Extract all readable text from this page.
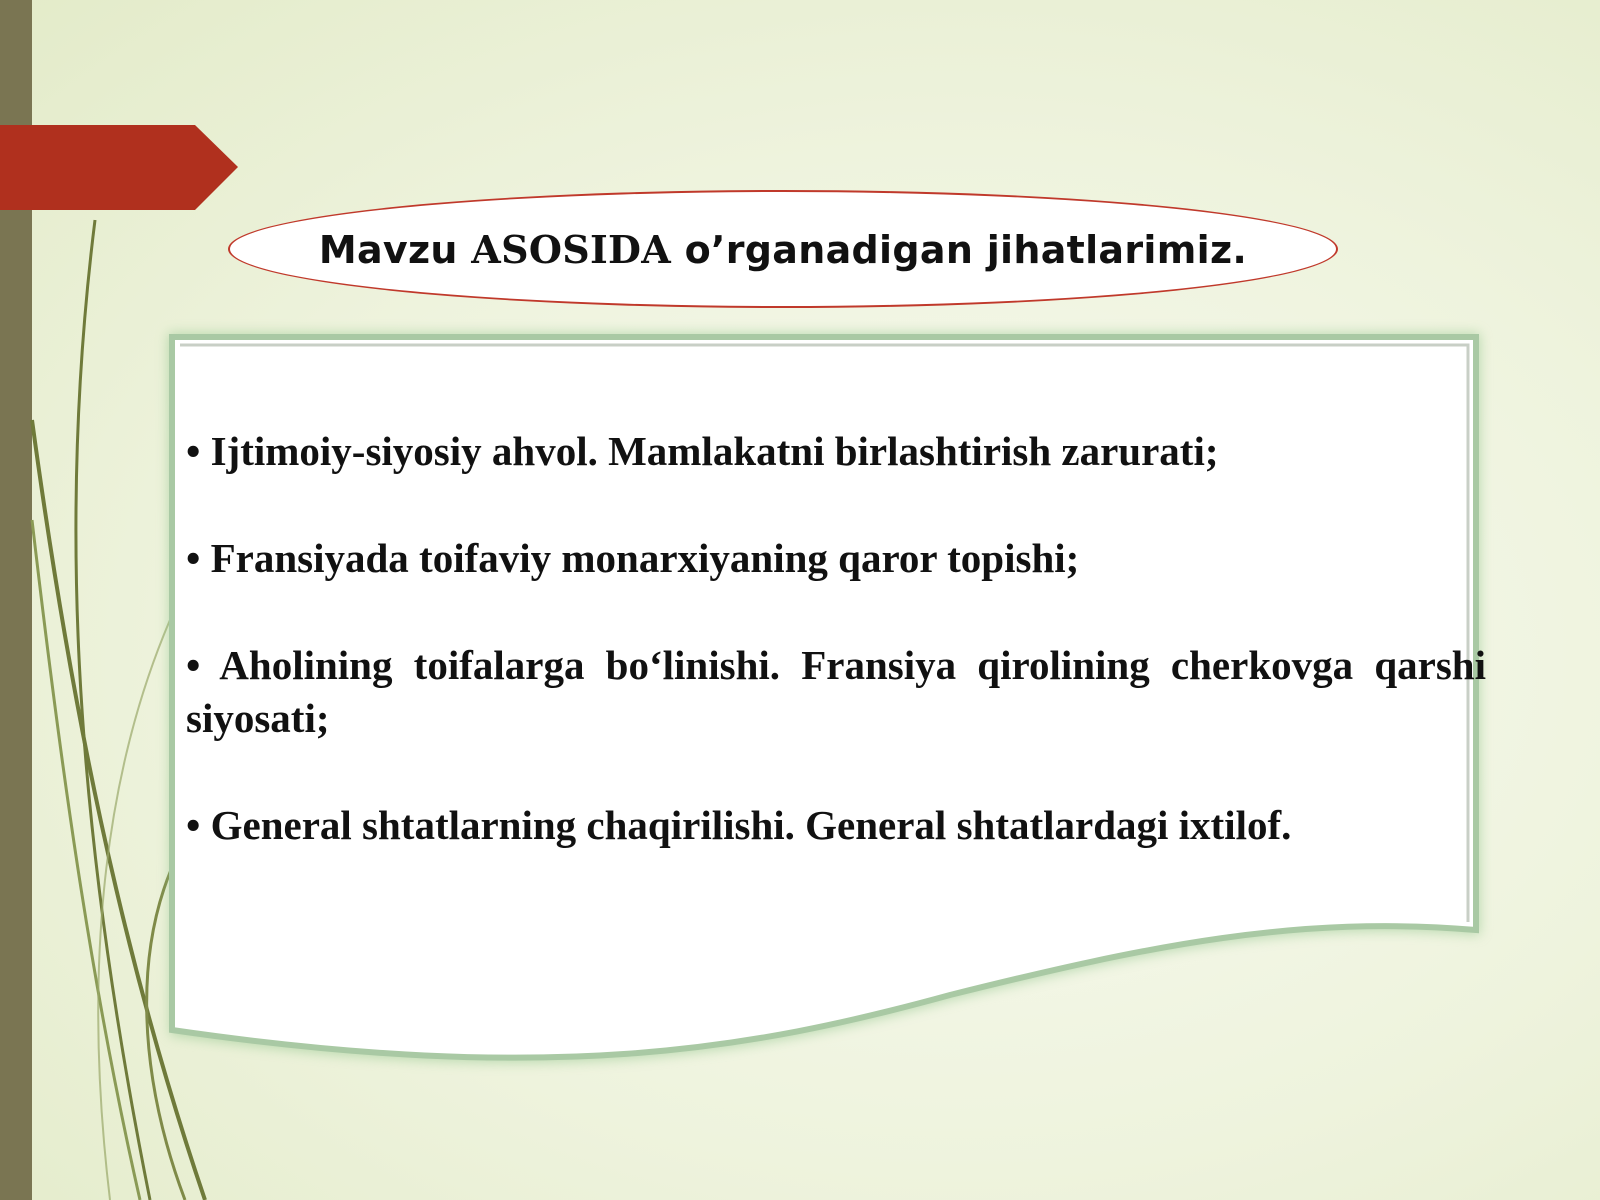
Mavzu ASOSIDA o’rganadigan jihatlarimiz.
• Ijtimoiy-siyosiy ahvol. Mamlakatni birlashtirish zarurati;
• Fransiyada toifaviy monarxiyaning qaror topishi;
• Aholining toifalarga bo‘linishi. Fransiya qirolining cherkovga qarshi siyosati;
• General shtatlarning chaqirilishi. General shtatlardagi ixtilof.
